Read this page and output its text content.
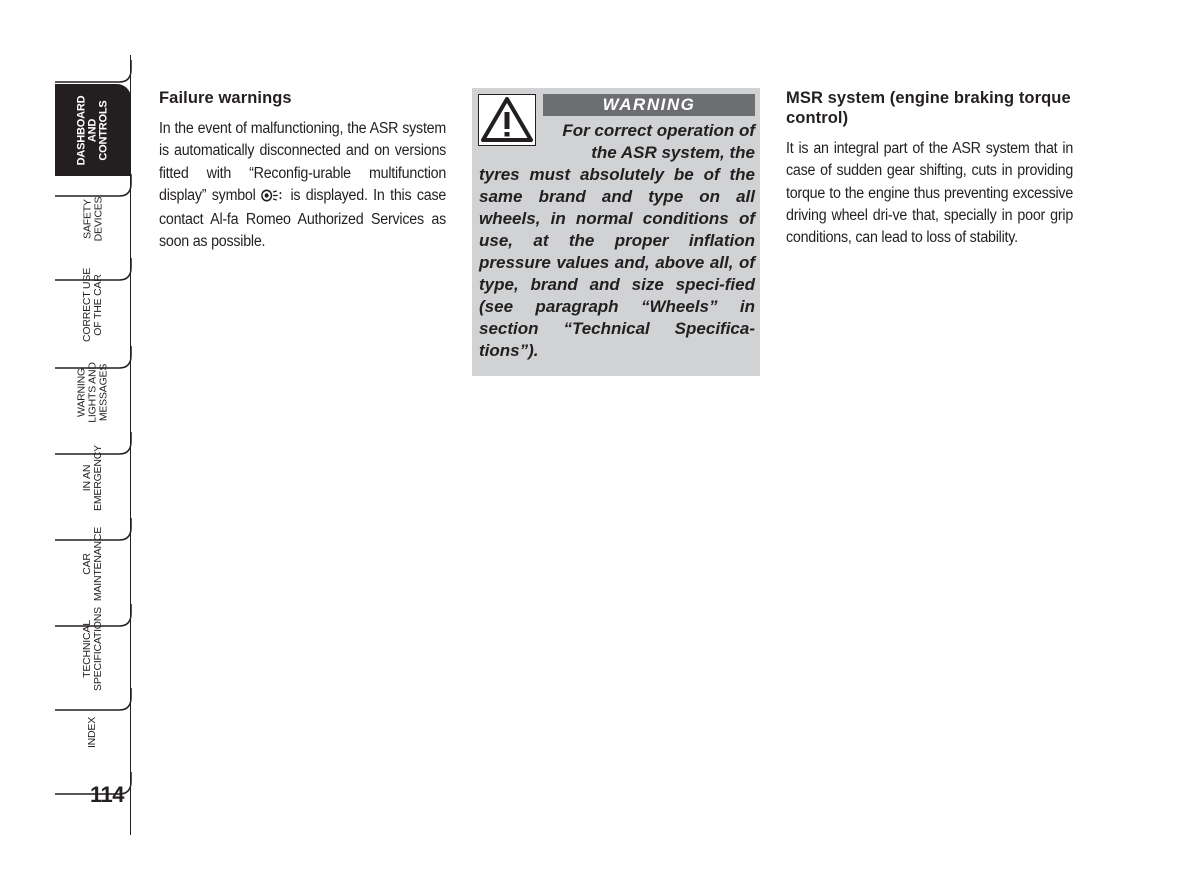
DASHBOARD
AND
CONTROLS
SAFETY
DEVICES
CORRECT USE
OF THE CAR
WARNING
LIGHTS AND
MESSAGES
IN AN
EMERGENCY
CAR
MAINTENANCE
TECHNICAL
SPECIFICATIONS
INDEX
114
Failure warnings

In the event of malfunctioning, the ASR system is automatically disconnected and on versions fitted with “Reconfig-urable multifunction display” symbol  is displayed. In this case contact Al-fa Romeo Authorized Services as soon as possible.

WARNING
For correct operation of the ASR system, the
tyres must absolutely be of the same brand and type on all wheels, in normal conditions of use, at the proper inflation pressure values and, above all, of type, brand and size speci-fied (see paragraph “Wheels” in section “Technical Specifica-tions”).
MSR system (engine braking torque control)

It is an integral part of the ASR system that in case of sudden gear shifting, cuts in providing torque to the engine thus preventing excessive driving wheel dri-ve that, specially in poor grip conditions, can lead to loss of stability.
